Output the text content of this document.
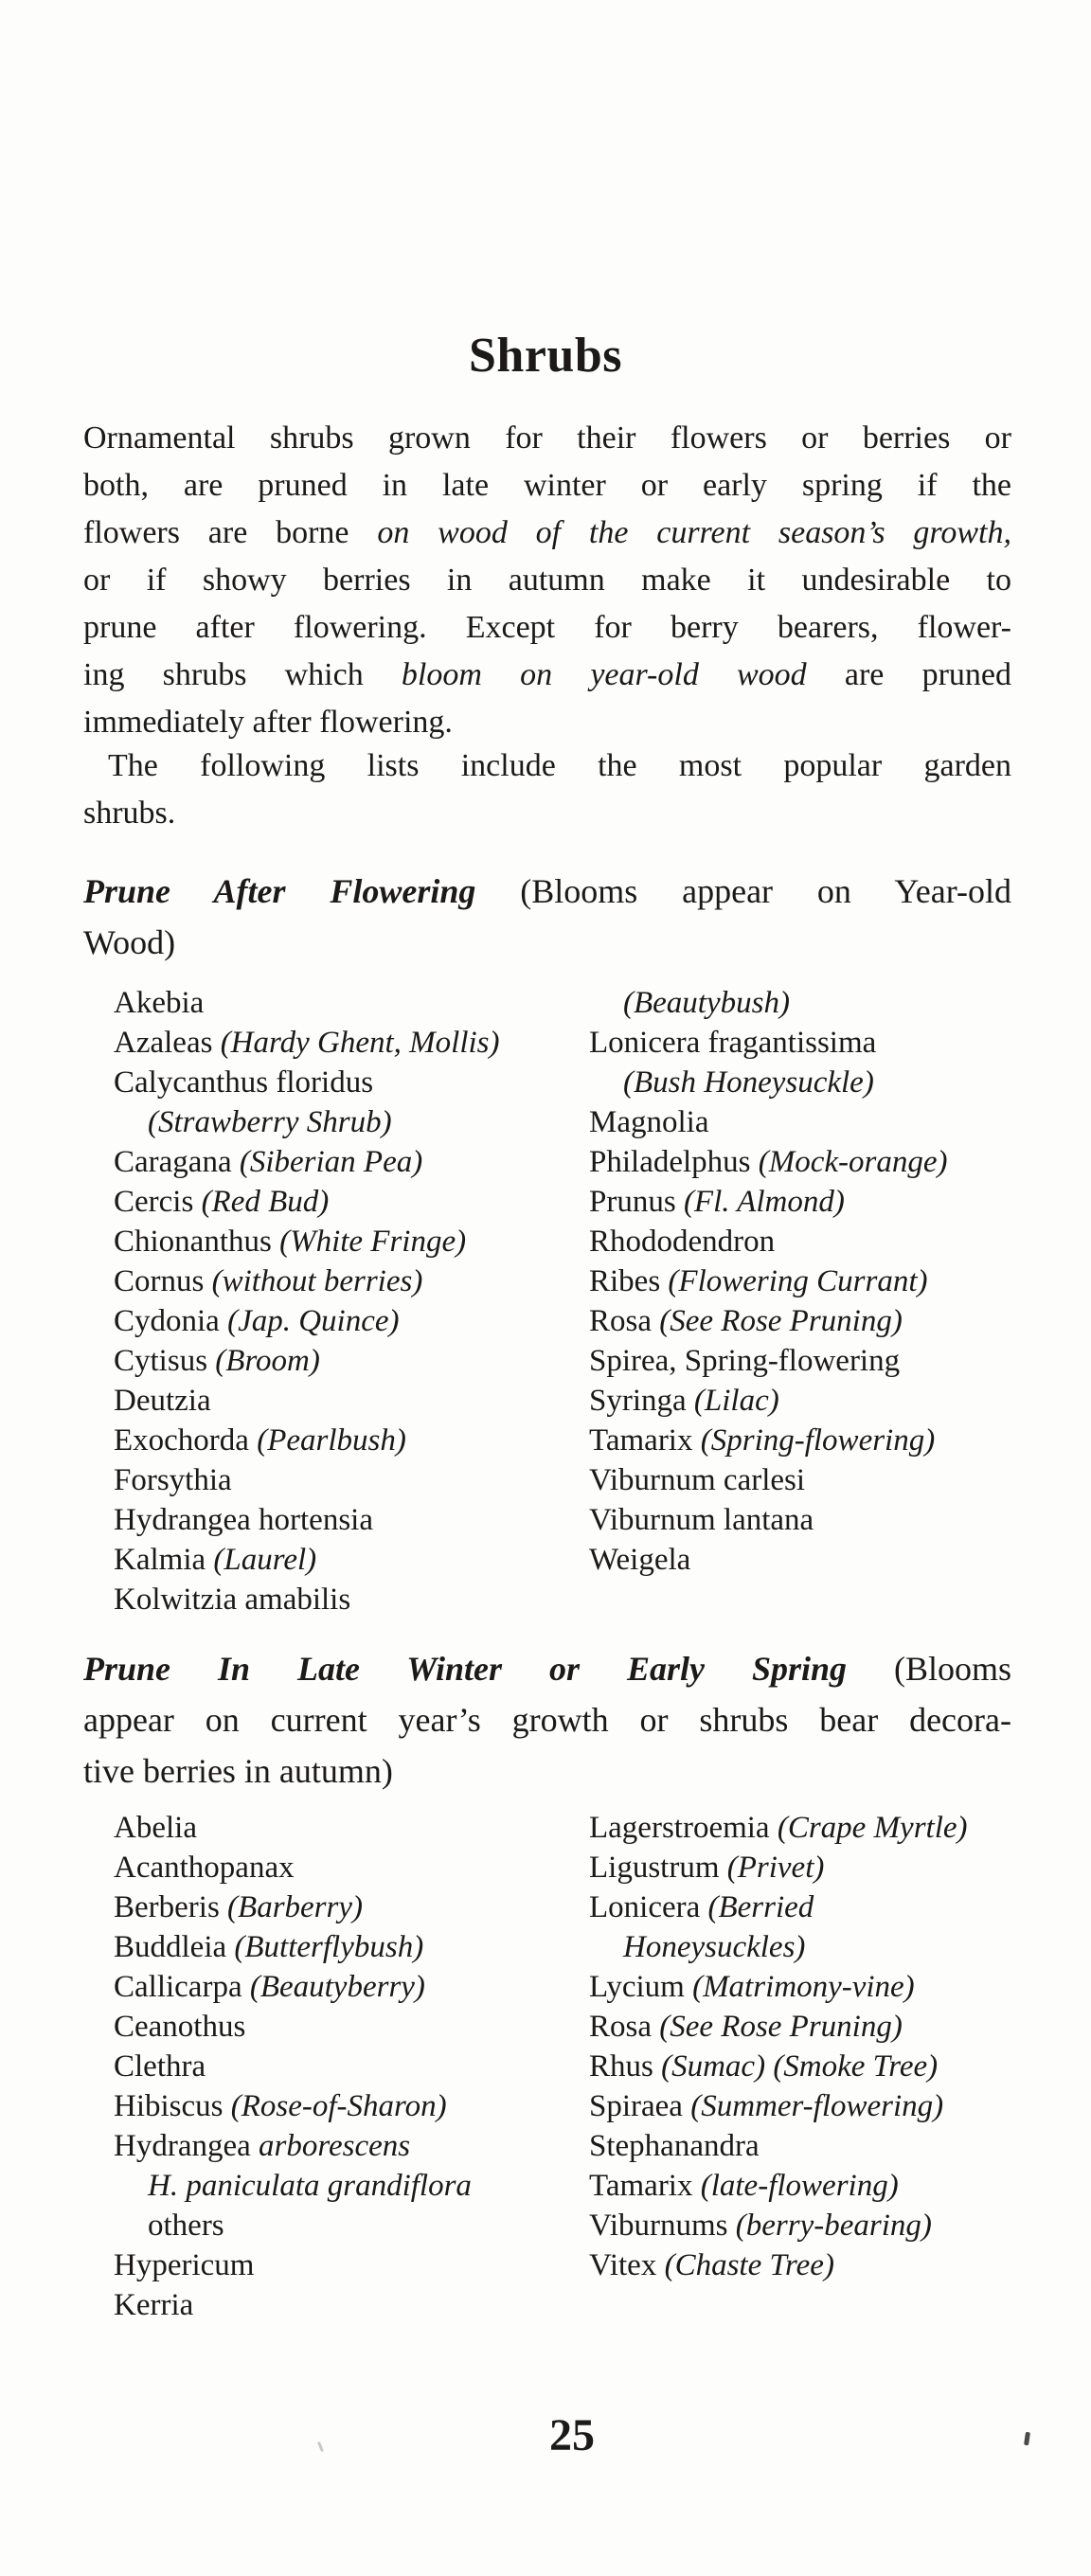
Shrubs
Ornamental shrubs grown for their flowers or berries or
both, are pruned in late winter or early spring if the
flowers are borne on wood of the current season’s growth,
or if showy berries in autumn make it undesirable to
prune after flowering. Except for berry bearers, flower-
ing shrubs which bloom on year-old wood are pruned
immediately after flowering.
The following lists include the most popular garden
shrubs.
Prune After Flowering (Blooms appear on Year-old
Wood)
Akebia
Azaleas (Hardy Ghent, Mollis)
Calycanthus floridus
(Strawberry Shrub)
Caragana (Siberian Pea)
Cercis (Red Bud)
Chionanthus (White Fringe)
Cornus (without berries)
Cydonia (Jap. Quince)
Cytisus (Broom)
Deutzia
Exochorda (Pearlbush)
Forsythia
Hydrangea hortensia
Kalmia (Laurel)
Kolwitzia amabilis
(Beautybush)
Lonicera fragantissima
(Bush Honeysuckle)
Magnolia
Philadelphus (Mock-orange)
Prunus (Fl. Almond)
Rhododendron
Ribes (Flowering Currant)
Rosa (See Rose Pruning)
Spirea, Spring-flowering
Syringa (Lilac)
Tamarix (Spring-flowering)
Viburnum carlesi
Viburnum lantana
Weigela
Prune In Late Winter or Early Spring (Blooms
appear on current year’s growth or shrubs bear decora-
tive berries in autumn)
Abelia
Acanthopanax
Berberis (Barberry)
Buddleia (Butterflybush)
Callicarpa (Beautyberry)
Ceanothus
Clethra
Hibiscus (Rose-of-Sharon)
Hydrangea arborescens
H. paniculata grandiflora
others
Hypericum
Kerria
Lagerstroemia (Crape Myrtle)
Ligustrum (Privet)
Lonicera (Berried
Honeysuckles)
Lycium (Matrimony-vine)
Rosa (See Rose Pruning)
Rhus (Sumac) (Smoke Tree)
Spiraea (Summer-flowering)
Stephanandra
Tamarix (late-flowering)
Viburnums (berry-bearing)
Vitex (Chaste Tree)
25
